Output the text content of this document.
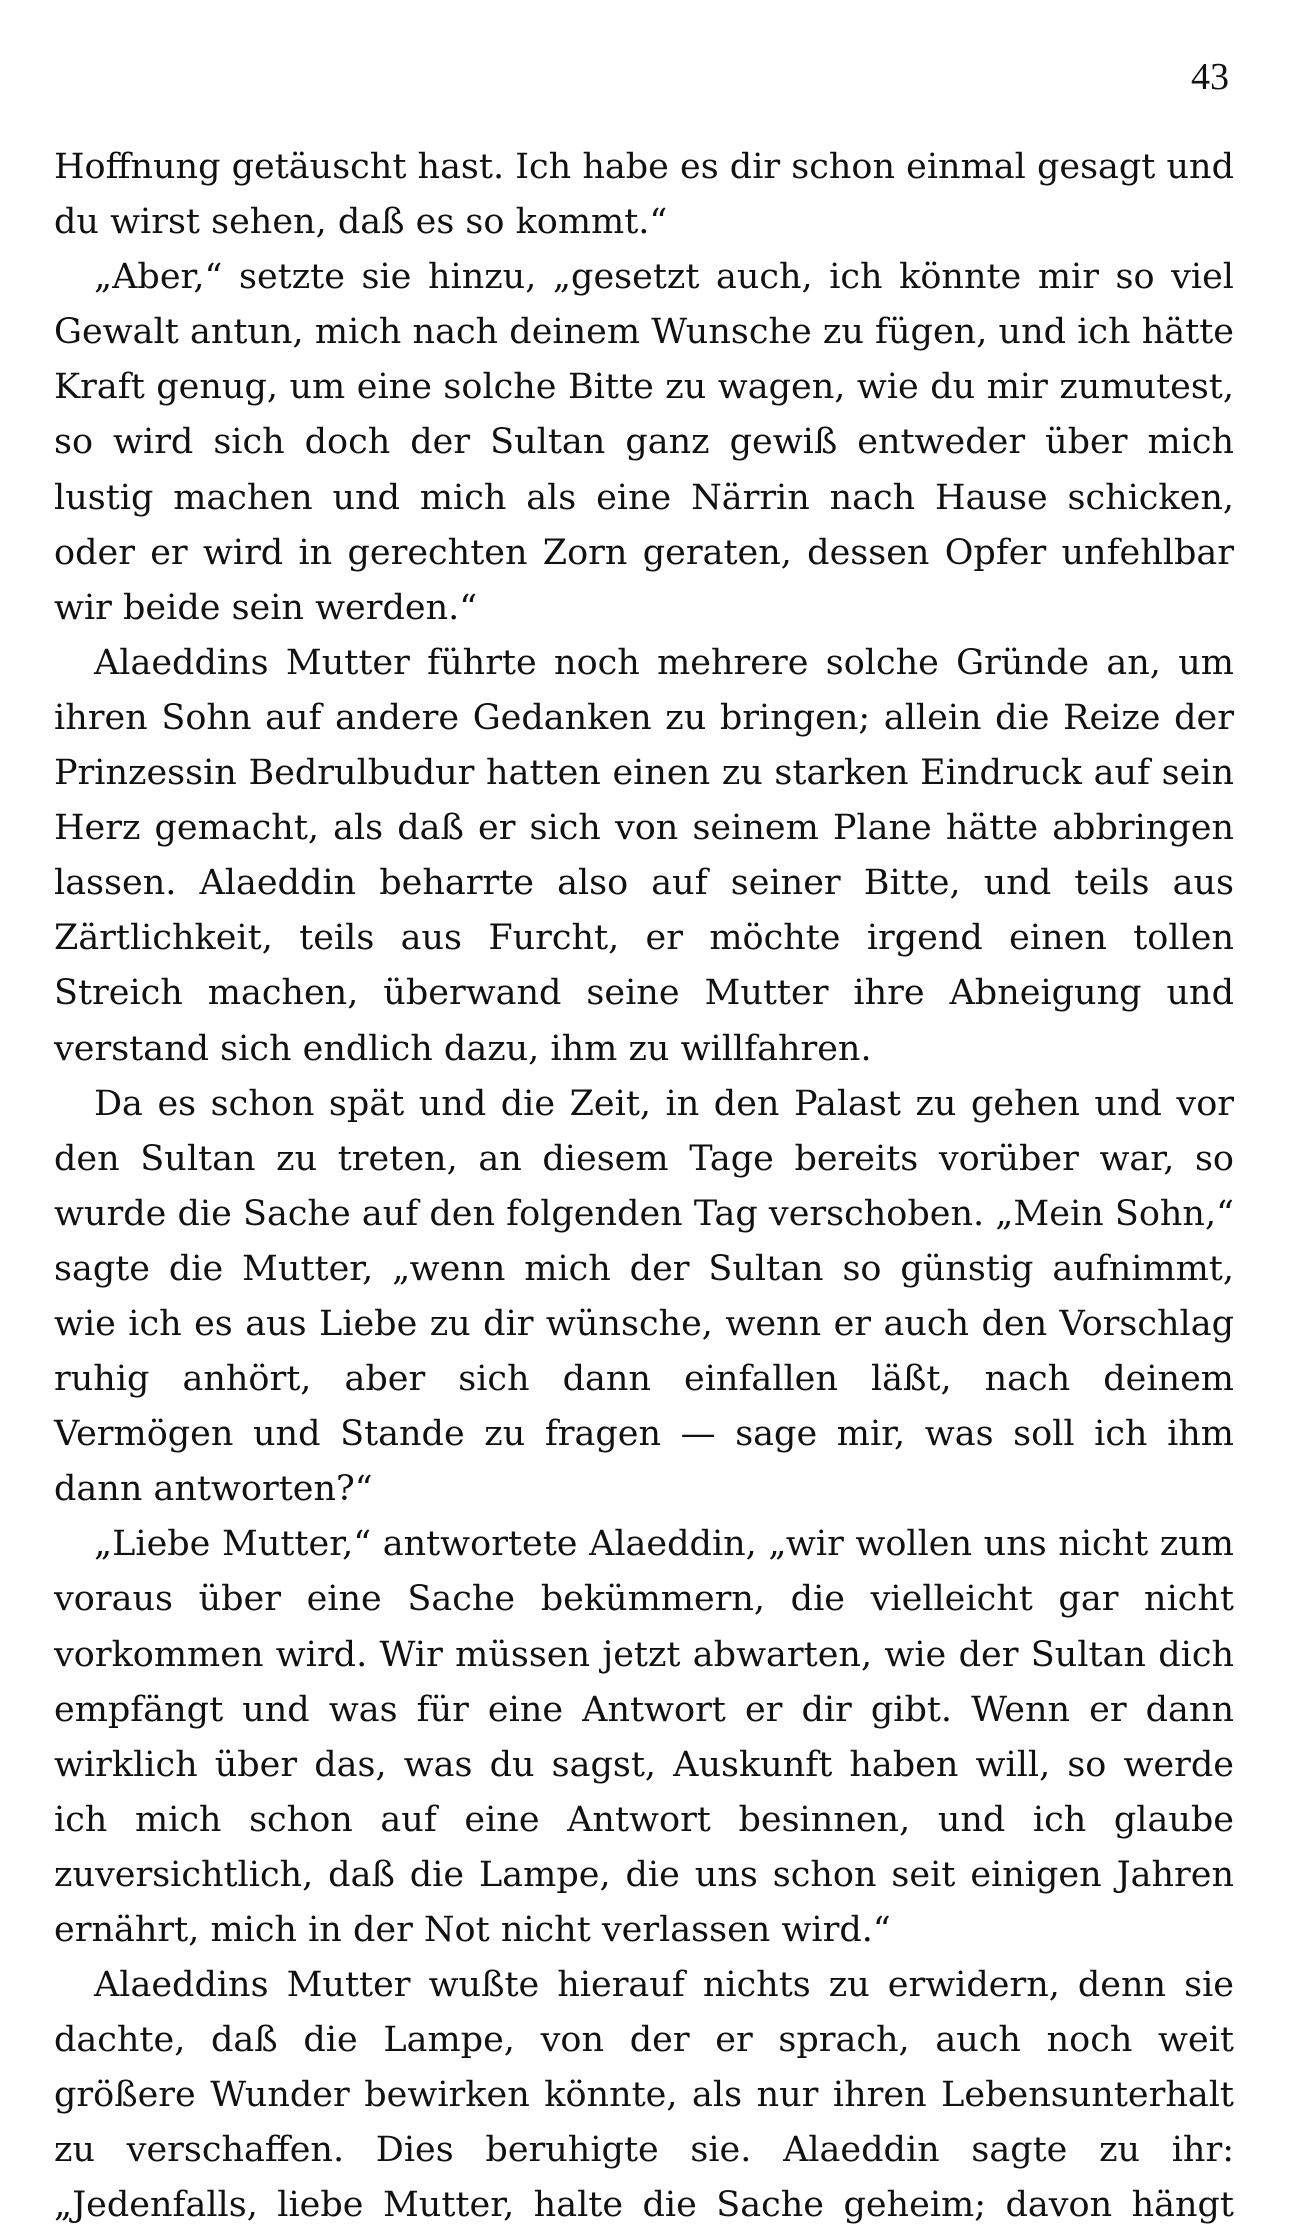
43

Hoffnung getäuscht hast. Ich habe es dir schon einmal gesagt und du wirst sehen, daß es so kommt.“

„Aber,“ setzte sie hinzu, „gesetzt auch, ich könnte mir so viel Gewalt antun, mich nach deinem Wunsche zu fügen, und ich hätte Kraft genug, um eine solche Bitte zu wagen, wie du mir zumutest, so wird sich doch der Sultan ganz gewiß entweder über mich lustig machen und mich als eine Närrin nach Hause schicken, oder er wird in gerechten Zorn geraten, dessen Opfer unfehlbar wir beide sein werden.“

Alaeddins Mutter führte noch mehrere solche Gründe an, um ihren Sohn auf andere Gedanken zu bringen; allein die Reize der Prinzessin Bedrulbudur hatten einen zu starken Eindruck auf sein Herz gemacht, als daß er sich von seinem Plane hätte abbringen lassen. Alaeddin beharrte also auf seiner Bitte, und teils aus Zärtlichkeit, teils aus Furcht, er möchte irgend einen tollen Streich machen, überwand seine Mutter ihre Abneigung und verstand sich endlich dazu, ihm zu willfahren.

Da es schon spät und die Zeit, in den Palast zu gehen und vor den Sultan zu treten, an diesem Tage bereits vorüber war, so wurde die Sache auf den folgenden Tag verschoben. „Mein Sohn,“ sagte die Mutter, „wenn mich der Sultan so günstig aufnimmt, wie ich es aus Liebe zu dir wünsche, wenn er auch den Vorschlag ruhig anhört, aber sich dann einfallen läßt, nach deinem Vermögen und Stande zu fragen — sage mir, was soll ich ihm dann antworten?“

„Liebe Mutter,“ antwortete Alaeddin, „wir wollen uns nicht zum voraus über eine Sache bekümmern, die vielleicht gar nicht vorkommen wird. Wir müssen jetzt abwarten, wie der Sultan dich empfängt und was für eine Antwort er dir gibt. Wenn er dann wirklich über das, was du sagst, Auskunft haben will, so werde ich mich schon auf eine Antwort besinnen, und ich glaube zuversichtlich, daß die Lampe, die uns schon seit einigen Jahren ernährt, mich in der Not nicht verlassen wird.“

Alaeddins Mutter wußte hierauf nichts zu erwidern, denn sie dachte, daß die Lampe, von der er sprach, auch noch weit größere Wunder bewirken könnte, als nur ihren Lebensunterhalt zu verschaffen. Dies beruhigte sie. Alaeddin sagte zu ihr: „Jedenfalls, liebe Mutter, halte die Sache geheim; davon hängt
